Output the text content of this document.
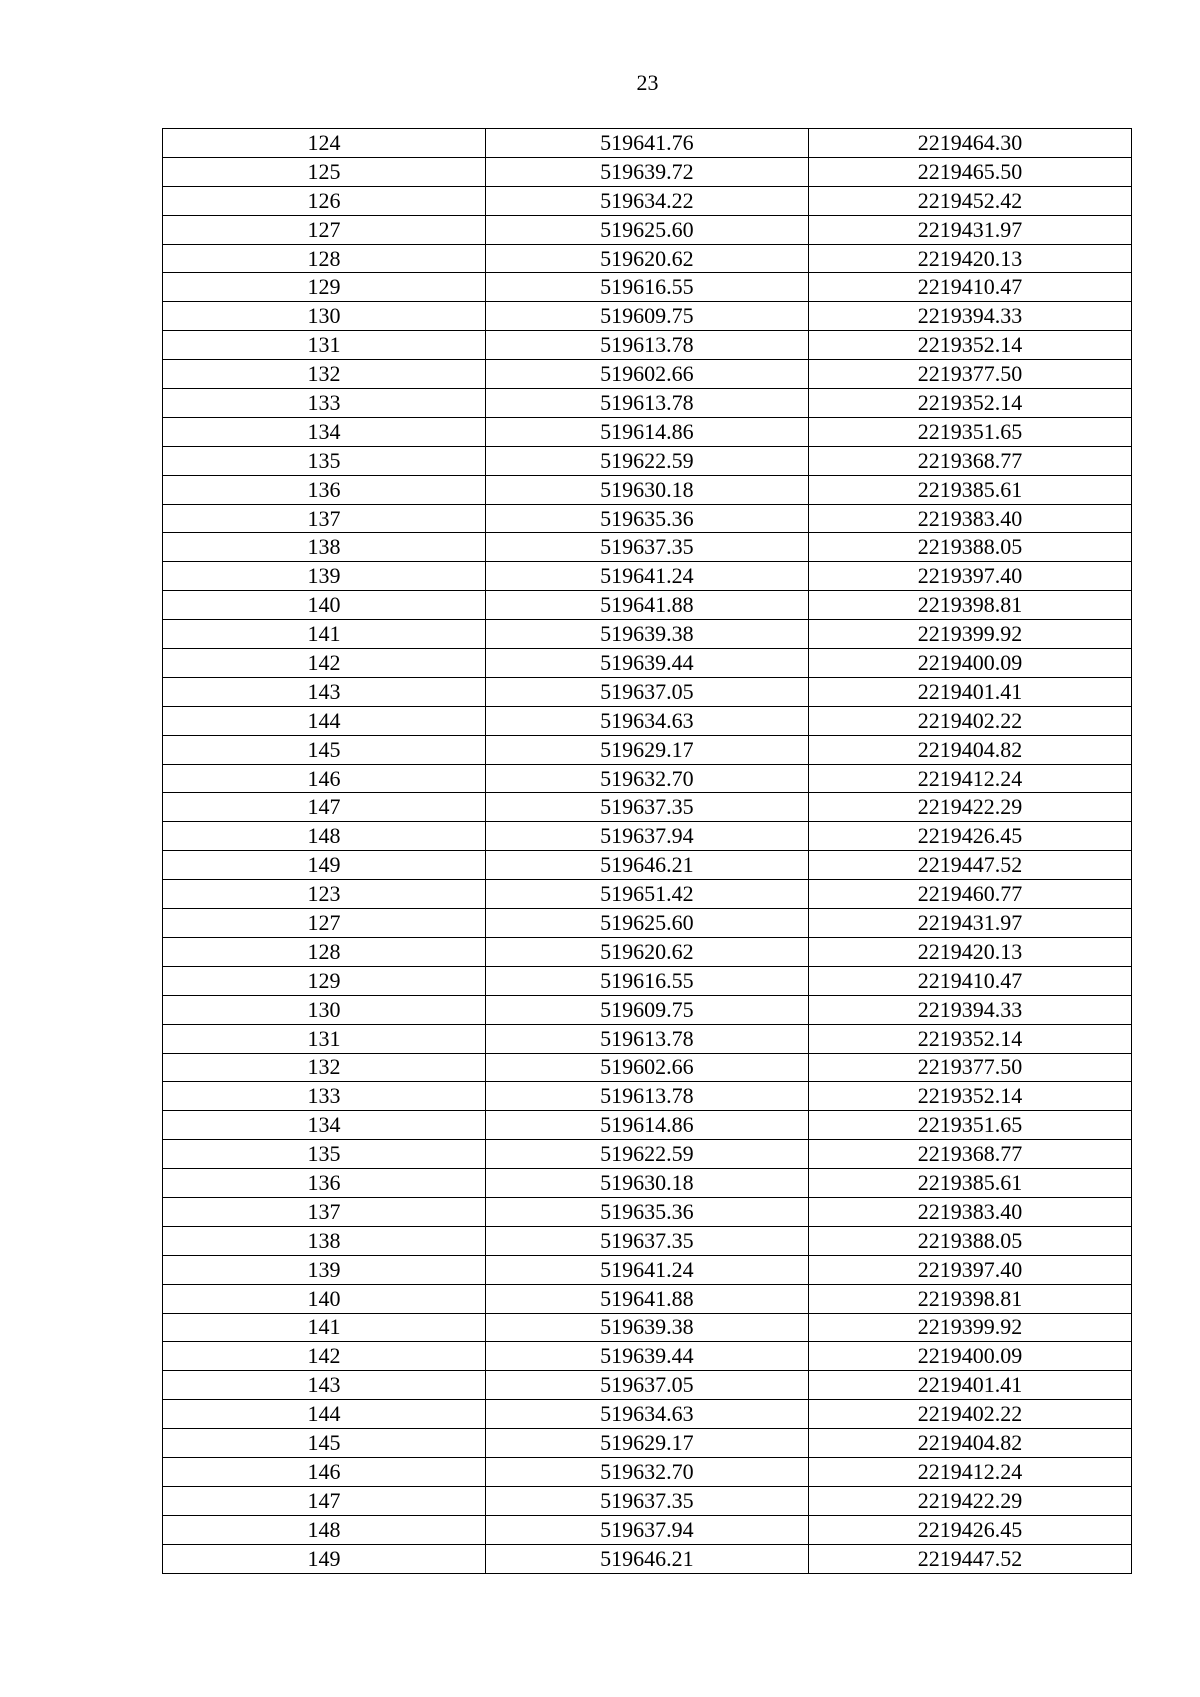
23
124	519641.76	2219464.30
125	519639.72	2219465.50
126	519634.22	2219452.42
127	519625.60	2219431.97
128	519620.62	2219420.13
129	519616.55	2219410.47
130	519609.75	2219394.33
131	519613.78	2219352.14
132	519602.66	2219377.50
133	519613.78	2219352.14
134	519614.86	2219351.65
135	519622.59	2219368.77
136	519630.18	2219385.61
137	519635.36	2219383.40
138	519637.35	2219388.05
139	519641.24	2219397.40
140	519641.88	2219398.81
141	519639.38	2219399.92
142	519639.44	2219400.09
143	519637.05	2219401.41
144	519634.63	2219402.22
145	519629.17	2219404.82
146	519632.70	2219412.24
147	519637.35	2219422.29
148	519637.94	2219426.45
149	519646.21	2219447.52
123	519651.42	2219460.77
127	519625.60	2219431.97
128	519620.62	2219420.13
129	519616.55	2219410.47
130	519609.75	2219394.33
131	519613.78	2219352.14
132	519602.66	2219377.50
133	519613.78	2219352.14
134	519614.86	2219351.65
135	519622.59	2219368.77
136	519630.18	2219385.61
137	519635.36	2219383.40
138	519637.35	2219388.05
139	519641.24	2219397.40
140	519641.88	2219398.81
141	519639.38	2219399.92
142	519639.44	2219400.09
143	519637.05	2219401.41
144	519634.63	2219402.22
145	519629.17	2219404.82
146	519632.70	2219412.24
147	519637.35	2219422.29
148	519637.94	2219426.45
149	519646.21	2219447.52
